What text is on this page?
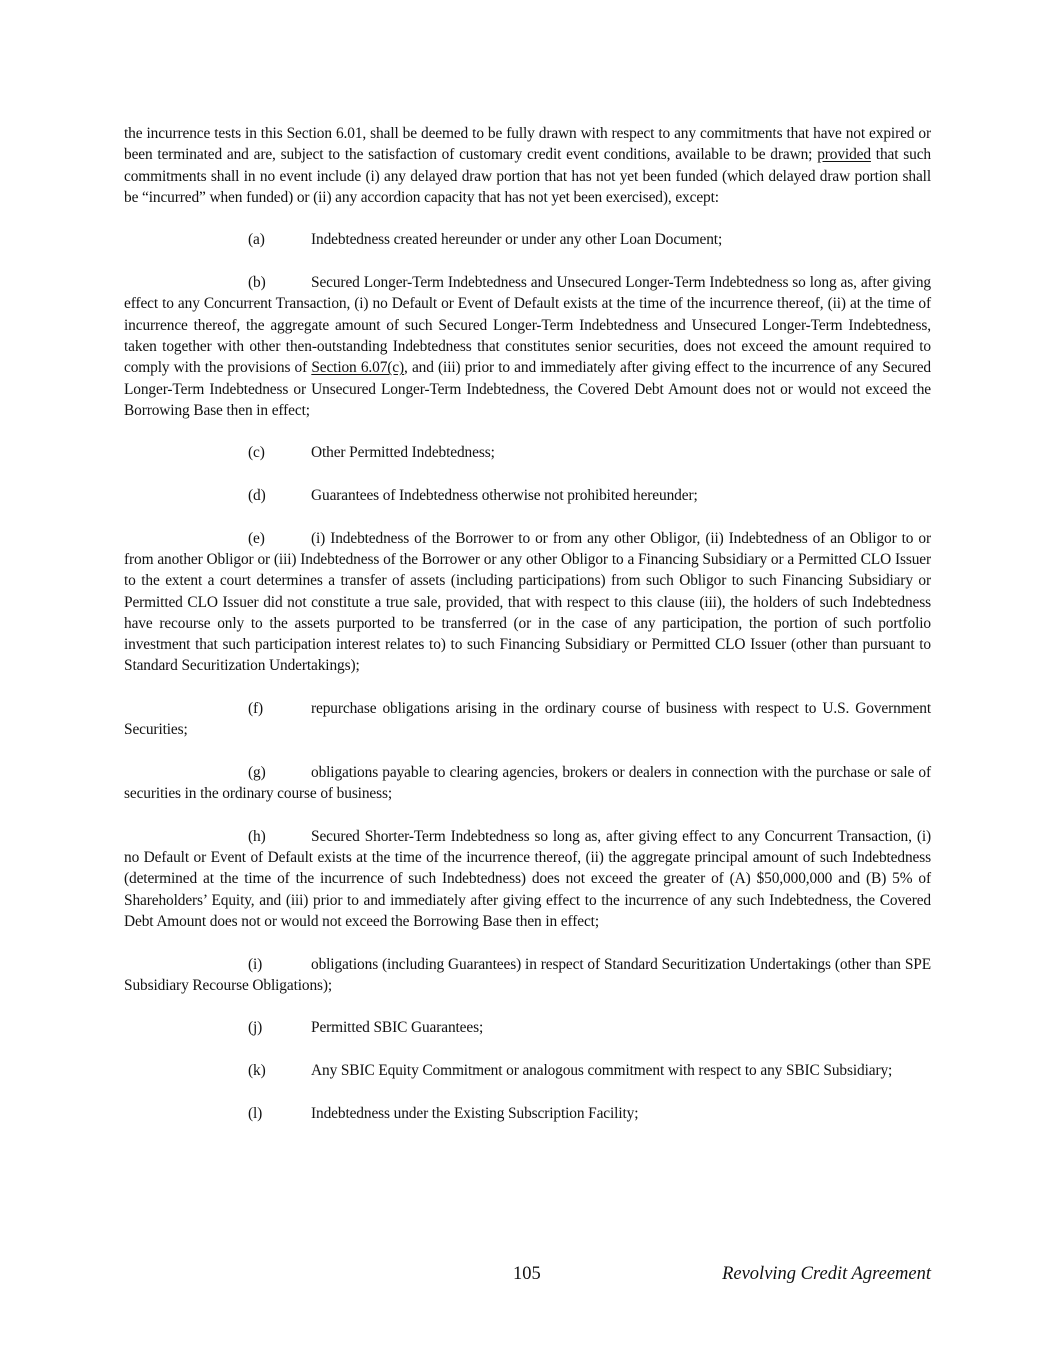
the incurrence tests in this Section 6.01, shall be deemed to be fully drawn with respect to any commitments that have not expired or been terminated and are, subject to the satisfaction of customary credit event conditions, available to be drawn; provided that such commitments shall in no event include (i) any delayed draw portion that has not yet been funded (which delayed draw portion shall be “incurred” when funded) or (ii) any accordion capacity that has not yet been exercised), except:

(a)	Indebtedness created hereunder or under any other Loan Document;

(b)	Secured Longer-Term Indebtedness and Unsecured Longer-Term Indebtedness so long as, after giving effect to any Concurrent Transaction, (i) no Default or Event of Default exists at the time of the incurrence thereof, (ii) at the time of incurrence thereof, the aggregate amount of such Secured Longer-Term Indebtedness and Unsecured Longer-Term Indebtedness, taken together with other then-outstanding Indebtedness that constitutes senior securities, does not exceed the amount required to comply with the provisions of Section 6.07(c), and (iii) prior to and immediately after giving effect to the incurrence of any Secured Longer-Term Indebtedness or Unsecured Longer-Term Indebtedness, the Covered Debt Amount does not or would not exceed the Borrowing Base then in effect;

(c)	Other Permitted Indebtedness;

(d)	Guarantees of Indebtedness otherwise not prohibited hereunder;

(e)	(i) Indebtedness of the Borrower to or from any other Obligor, (ii) Indebtedness of an Obligor to or from another Obligor or (iii) Indebtedness of the Borrower or any other Obligor to a Financing Subsidiary or a Permitted CLO Issuer to the extent a court determines a transfer of assets (including participations) from such Obligor to such Financing Subsidiary or Permitted CLO Issuer did not constitute a true sale, provided, that with respect to this clause (iii), the holders of such Indebtedness have recourse only to the assets purported to be transferred (or in the case of any participation, the portion of such portfolio investment that such participation interest relates to) to such Financing Subsidiary or Permitted CLO Issuer (other than pursuant to Standard Securitization Undertakings);

(f)	repurchase obligations arising in the ordinary course of business with respect to U.S. Government Securities;

(g)	obligations payable to clearing agencies, brokers or dealers in connection with the purchase or sale of securities in the ordinary course of business;

(h)	Secured Shorter-Term Indebtedness so long as, after giving effect to any Concurrent Transaction, (i) no Default or Event of Default exists at the time of the incurrence thereof, (ii) the aggregate principal amount of such Indebtedness (determined at the time of the incurrence of such Indebtedness) does not exceed the greater of (A) $50,000,000 and (B) 5% of Shareholders’ Equity, and (iii) prior to and immediately after giving effect to the incurrence of any such Indebtedness, the Covered Debt Amount does not or would not exceed the Borrowing Base then in effect;

(i)	obligations (including Guarantees) in respect of Standard Securitization Undertakings (other than SPE Subsidiary Recourse Obligations);

(j)	Permitted SBIC Guarantees;

(k)	Any SBIC Equity Commitment or analogous commitment with respect to any SBIC Subsidiary;

(l)	Indebtedness under the Existing Subscription Facility;

105	Revolving Credit Agreement
